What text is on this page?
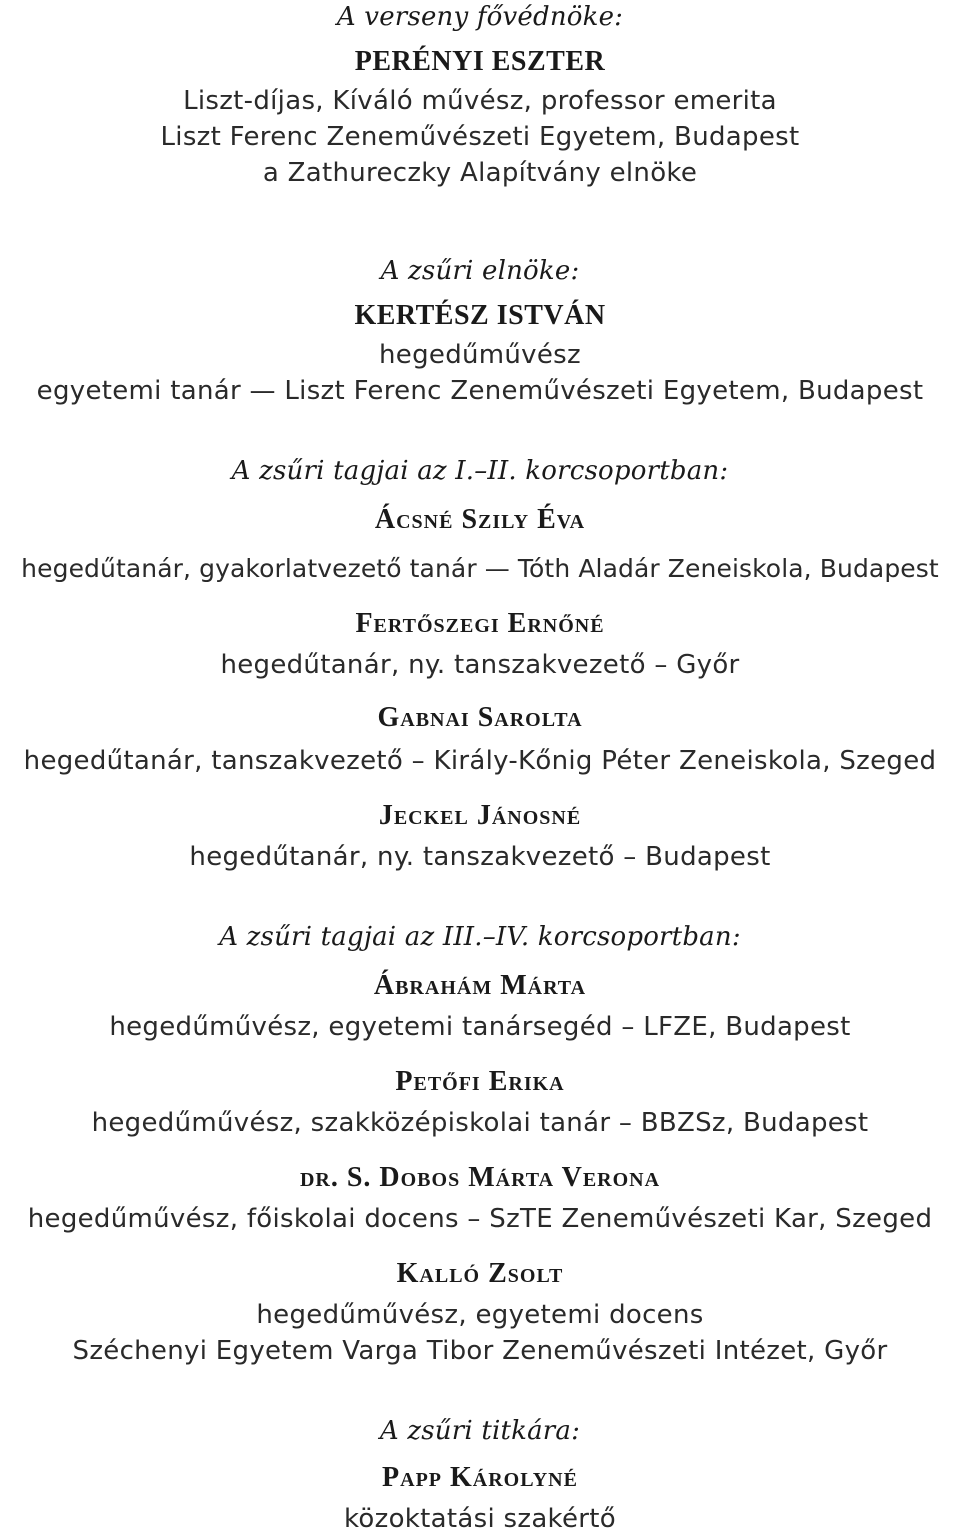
A verseny fővédnöke:
PERÉNYI ESZTER
Liszt-díjas, Kíváló művész, professor emerita
Liszt Ferenc Zeneművészeti Egyetem, Budapest
a Zathureczky Alapítvány elnöke
A zsűri elnöke:
KERTÉSZ ISTVÁN
hegedűművész
egyetemi tanár — Liszt Ferenc Zeneművészeti Egyetem, Budapest
A zsűri tagjai az I.–II. korcsoportban:
Ácsné Szily Éva
hegedűtanár, gyakorlatvezető tanár — Tóth Aladár Zeneiskola, Budapest
Fertőszegi Ernőné
hegedűtanár, ny. tanszakvezető – Győr
Gabnai Sarolta
hegedűtanár, tanszakvezető – Király-Kőnig Péter Zeneiskola, Szeged
Jeckel Jánosné
hegedűtanár, ny. tanszakvezető – Budapest
A zsűri tagjai az III.–IV. korcsoportban:
Ábrahám Márta
hegedűművész, egyetemi tanársegéd – LFZE, Budapest
Petőfi Erika
hegedűművész, szakközépiskolai tanár – BBZSz, Budapest
dr. S. Dobos Márta Verona
hegedűművész, főiskolai docens – SzTE Zeneművészeti Kar, Szeged
Kalló Zsolt
hegedűművész, egyetemi docens
Széchenyi Egyetem Varga Tibor Zeneművészeti Intézet, Győr
A zsűri titkára:
Papp Károlyné
közoktatási szakértő
